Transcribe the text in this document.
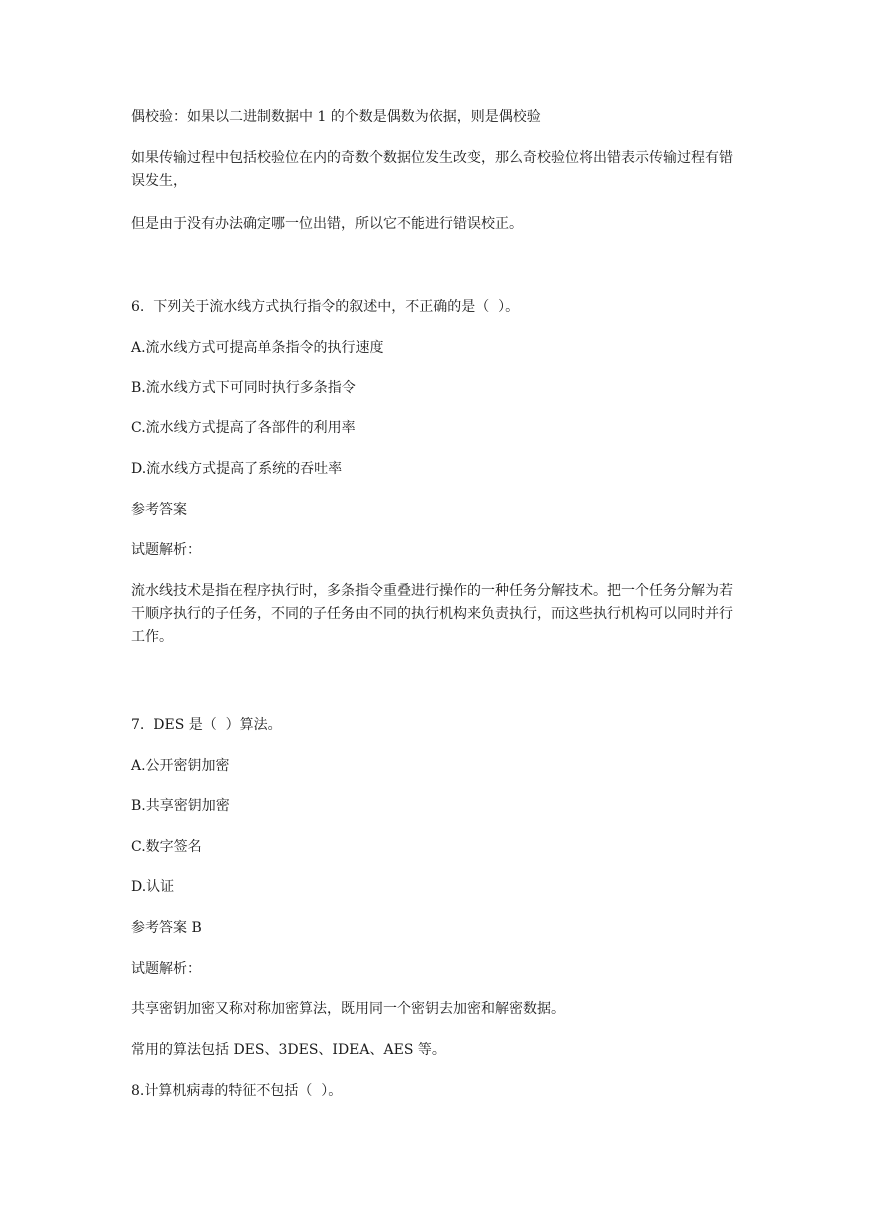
偶校验：如果以二进制数据中 1 的个数是偶数为依据，则是偶校验

如果传输过程中包括校验位在内的奇数个数据位发生改变，那么奇校验位将出错表示传输过程有错误发生，

但是由于没有办法确定哪一位出错，所以它不能进行错误校正。

6.  下列关于流水线方式执行指令的叙述中，不正确的是（  ）。

A.流水线方式可提高单条指令的执行速度

B.流水线方式下可同时执行多条指令

C.流水线方式提高了各部件的利用率

D.流水线方式提高了系统的吞吐率

参考答案

试题解析：

流水线技术是指在程序执行时，多条指令重叠进行操作的一种任务分解技术。把一个任务分解为若干顺序执行的子任务，不同的子任务由不同的执行机构来负责执行，而这些执行机构可以同时并行工作。

7.  DES 是（  ）算法。

A.公开密钥加密

B.共享密钥加密

C.数字签名

D.认证

参考答案 B

试题解析：

共享密钥加密又称对称加密算法，既用同一个密钥去加密和解密数据。

常用的算法包括 DES、3DES、IDEA、AES 等。

8.计算机病毒的特征不包括（  ）。
